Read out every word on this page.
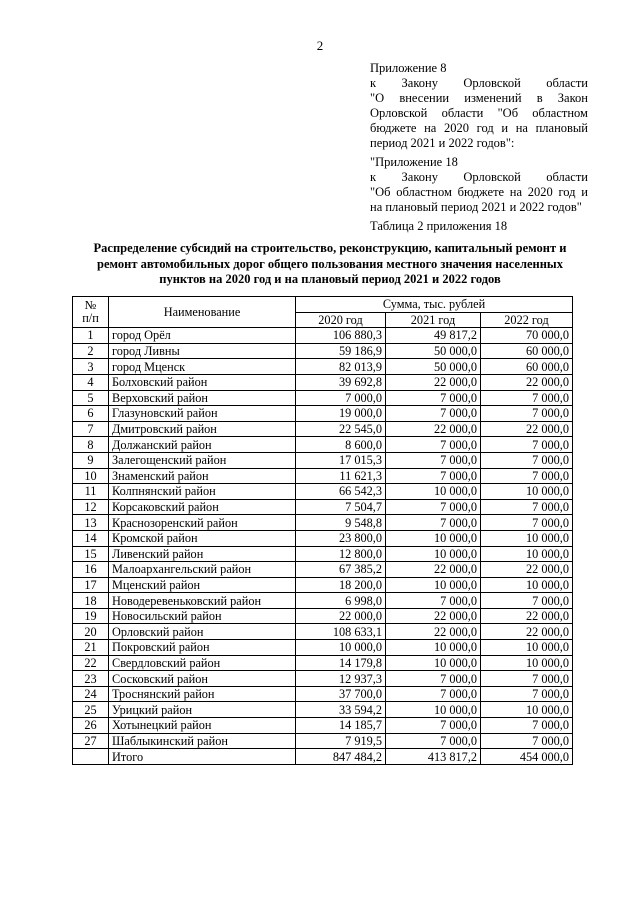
2
Приложение 8
к Закону Орловской области
"О внесении изменений в Закон
Орловской области "Об областном
бюджете на 2020 год и на плановый
период 2021 и 2022 годов":
"Приложение 18
к Закону Орловской области
"Об областном бюджете на 2020 год и
на плановый период 2021 и 2022 годов"
Таблица 2 приложения 18
Распределение субсидий на строительство, реконструкцию, капитальный ремонт и
ремонт автомобильных дорог общего пользования местного значения населенных
пунктов на 2020 год и на плановый период 2021 и 2022 годов
№
п/п	Наименование	Сумма, тыс. рублей		
		2020 год	2021 год	2022 год
1	город Орёл	106 880,3	49 817,2	70 000,0
2	город Ливны	59 186,9	50 000,0	60 000,0
3	город Мценск	82 013,9	50 000,0	60 000,0
4	Болховский район	39 692,8	22 000,0	22 000,0
5	Верховский район	7 000,0	7 000,0	7 000,0
6	Глазуновский район	19 000,0	7 000,0	7 000,0
7	Дмитровский район	22 545,0	22 000,0	22 000,0
8	Должанский район	8 600,0	7 000,0	7 000,0
9	Залегощенский район	17 015,3	7 000,0	7 000,0
10	Знаменский район	11 621,3	7 000,0	7 000,0
11	Колпнянский район	66 542,3	10 000,0	10 000,0
12	Корсаковский район	7 504,7	7 000,0	7 000,0
13	Краснозоренский район	9 548,8	7 000,0	7 000,0
14	Кромской район	23 800,0	10 000,0	10 000,0
15	Ливенский район	12 800,0	10 000,0	10 000,0
16	Малоархангельский район	67 385,2	22 000,0	22 000,0
17	Мценский район	18 200,0	10 000,0	10 000,0
18	Новодеревеньковский район	6 998,0	7 000,0	7 000,0
19	Новосильский район	22 000,0	22 000,0	22 000,0
20	Орловский район	108 633,1	22 000,0	22 000,0
21	Покровский район	10 000,0	10 000,0	10 000,0
22	Свердловский район	14 179,8	10 000,0	10 000,0
23	Сосковский район	12 937,3	7 000,0	7 000,0
24	Троснянский район	37 700,0	7 000,0	7 000,0
25	Урицкий район	33 594,2	10 000,0	10 000,0
26	Хотынецкий район	14 185,7	7 000,0	7 000,0
27	Шаблыкинский район	7 919,5	7 000,0	7 000,0
	Итого	847 484,2	413 817,2	454 000,0
